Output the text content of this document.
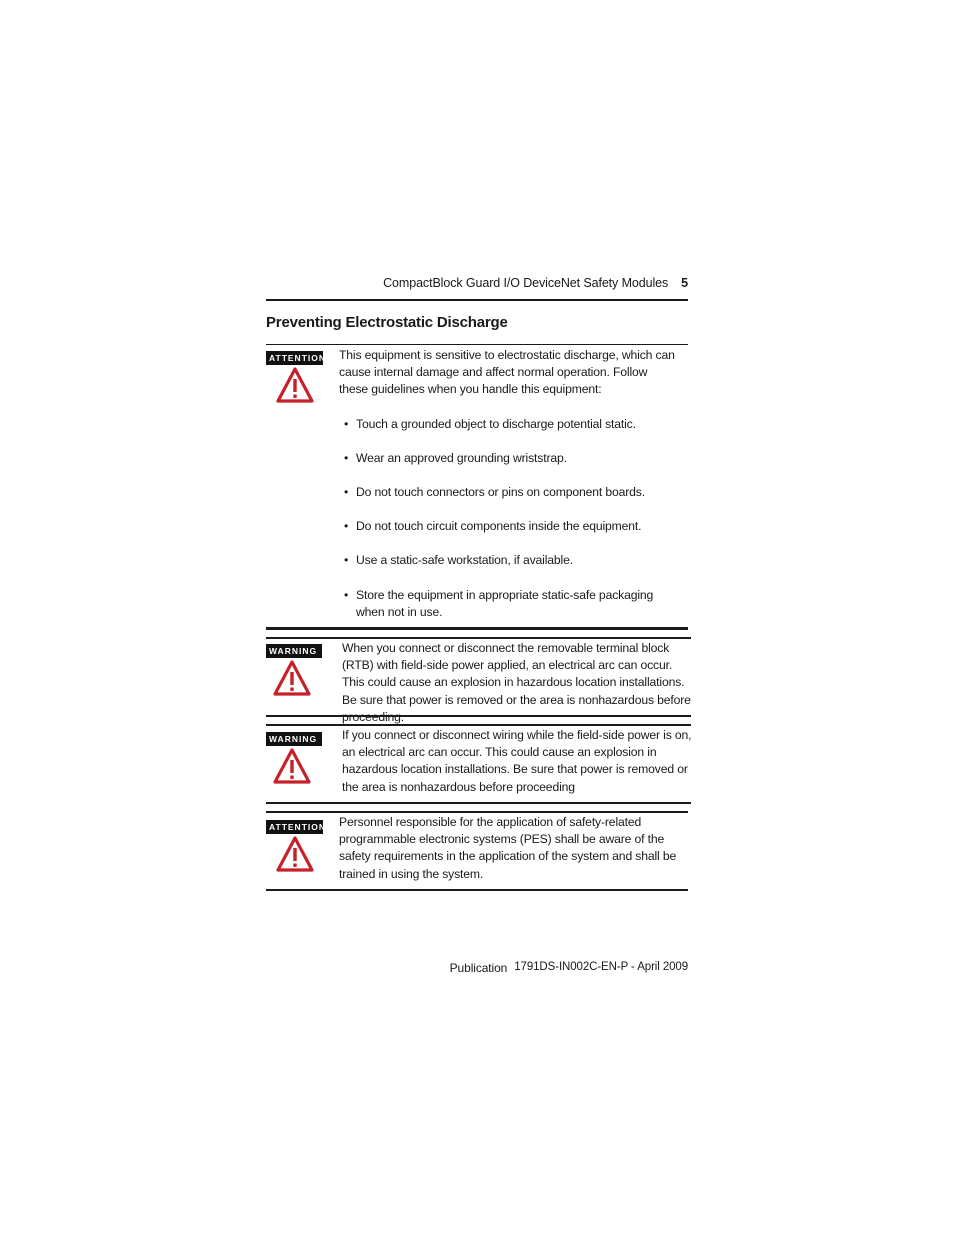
CompactBlock Guard I/O DeviceNet Safety Modules 5
Preventing Electrostatic Discharge
ATTENTION This equipment is sensitive to electrostatic discharge, which can cause internal damage and affect normal operation. Follow these guidelines when you handle this equipment:

• Touch a grounded object to discharge potential static.
• Wear an approved grounding wriststrap.
• Do not touch connectors or pins on component boards.
• Do not touch circuit components inside the equipment.
• Use a static-safe workstation, if available.
• Store the equipment in appropriate static-safe packaging when not in use.
WARNING	When you connect or disconnect the removable terminal block (RTB) with field-side power applied, an electrical arc can occur. This could cause an explosion in hazardous location installations. Be sure that power is removed or the area is nonhazardous before
WARNING	If you connect or disconnect wiring while the field-side power is on, an electrical arc can occur. This could cause an explosion in hazardous location installations. Be sure that power is removed or the area is nonhazardous before proceeding
ATTENTION Personnel responsible for the application of safety-related programmable electronic systems (PES) shall be aware of the safety requirements in the application of the system and shall be trained in using the system.
Publication 1791DS-IN002C-EN-P - April 2009
